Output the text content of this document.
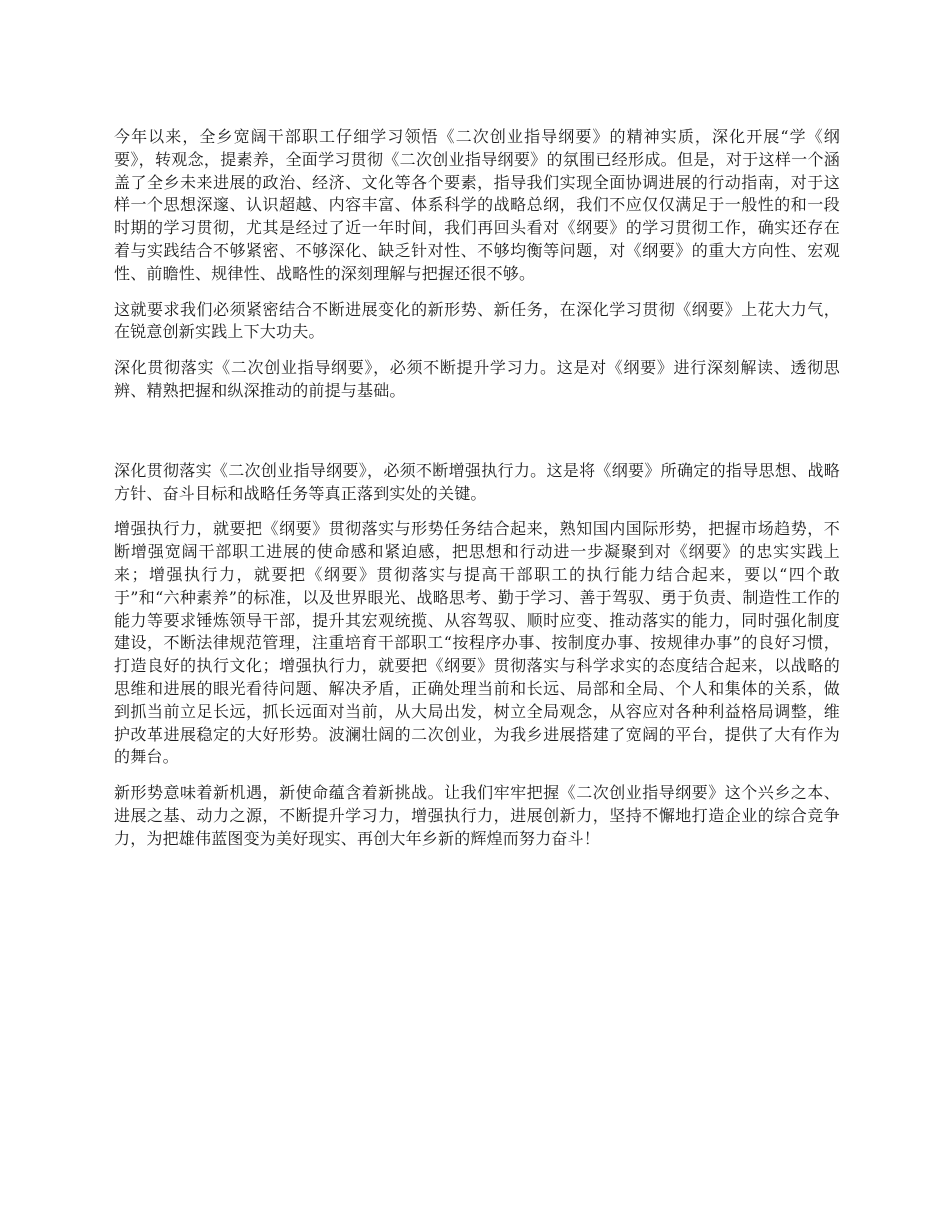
今年以来，全乡宽阔干部职工仔细学习领悟《二次创业指导纲要》的精神实质，深化开展“学《纲要》，转观念，提素养，全面学习贯彻《二次创业指导纲要》的氛围已经形成。但是，对于这样一个涵盖了全乡未来进展的政治、经济、文化等各个要素，指导我们实现全面协调进展的行动指南，对于这样一个思想深邃、认识超越、内容丰富、体系科学的战略总纲，我们不应仅仅满足于一般性的和一段时期的学习贯彻，尤其是经过了近一年时间，我们再回头看对《纲要》的学习贯彻工作，确实还存在着与实践结合不够紧密、不够深化、缺乏针对性、不够均衡等问题，对《纲要》的重大方向性、宏观性、前瞻性、规律性、战略性的深刻理解与把握还很不够。

这就要求我们必须紧密结合不断进展变化的新形势、新任务，在深化学习贯彻《纲要》上花大力气，在锐意创新实践上下大功夫。

深化贯彻落实《二次创业指导纲要》，必须不断提升学习力。这是对《纲要》进行深刻解读、透彻思辨、精熟把握和纵深推动的前提与基础。

深化贯彻落实《二次创业指导纲要》，必须不断增强执行力。这是将《纲要》所确定的指导思想、战略方针、奋斗目标和战略任务等真正落到实处的关键。

增强执行力，就要把《纲要》贯彻落实与形势任务结合起来，熟知国内国际形势，把握市场趋势，不断增强宽阔干部职工进展的使命感和紧迫感，把思想和行动进一步凝聚到对《纲要》的忠实实践上来；增强执行力，就要把《纲要》贯彻落实与提高干部职工的执行能力结合起来，要以“四个敢于”和“六种素养”的标准，以及世界眼光、战略思考、勤于学习、善于驾驭、勇于负责、制造性工作的能力等要求锤炼领导干部，提升其宏观统揽、从容驾驭、顺时应变、推动落实的能力，同时强化制度建设，不断法律规范管理，注重培育干部职工“按程序办事、按制度办事、按规律办事”的良好习惯，打造良好的执行文化；增强执行力，就要把《纲要》贯彻落实与科学求实的态度结合起来，以战略的思维和进展的眼光看待问题、解决矛盾，正确处理当前和长远、局部和全局、个人和集体的关系，做到抓当前立足长远，抓长远面对当前，从大局出发，树立全局观念，从容应对各种利益格局调整，维护改革进展稳定的大好形势。波澜壮阔的二次创业，为我乡进展搭建了宽阔的平台，提供了大有作为的舞台。

新形势意味着新机遇，新使命蕴含着新挑战。让我们牢牢把握《二次创业指导纲要》这个兴乡之本、进展之基、动力之源，不断提升学习力，增强执行力，进展创新力，坚持不懈地打造企业的综合竞争力，为把雄伟蓝图变为美好现实、再创大年乡新的辉煌而努力奋斗！
